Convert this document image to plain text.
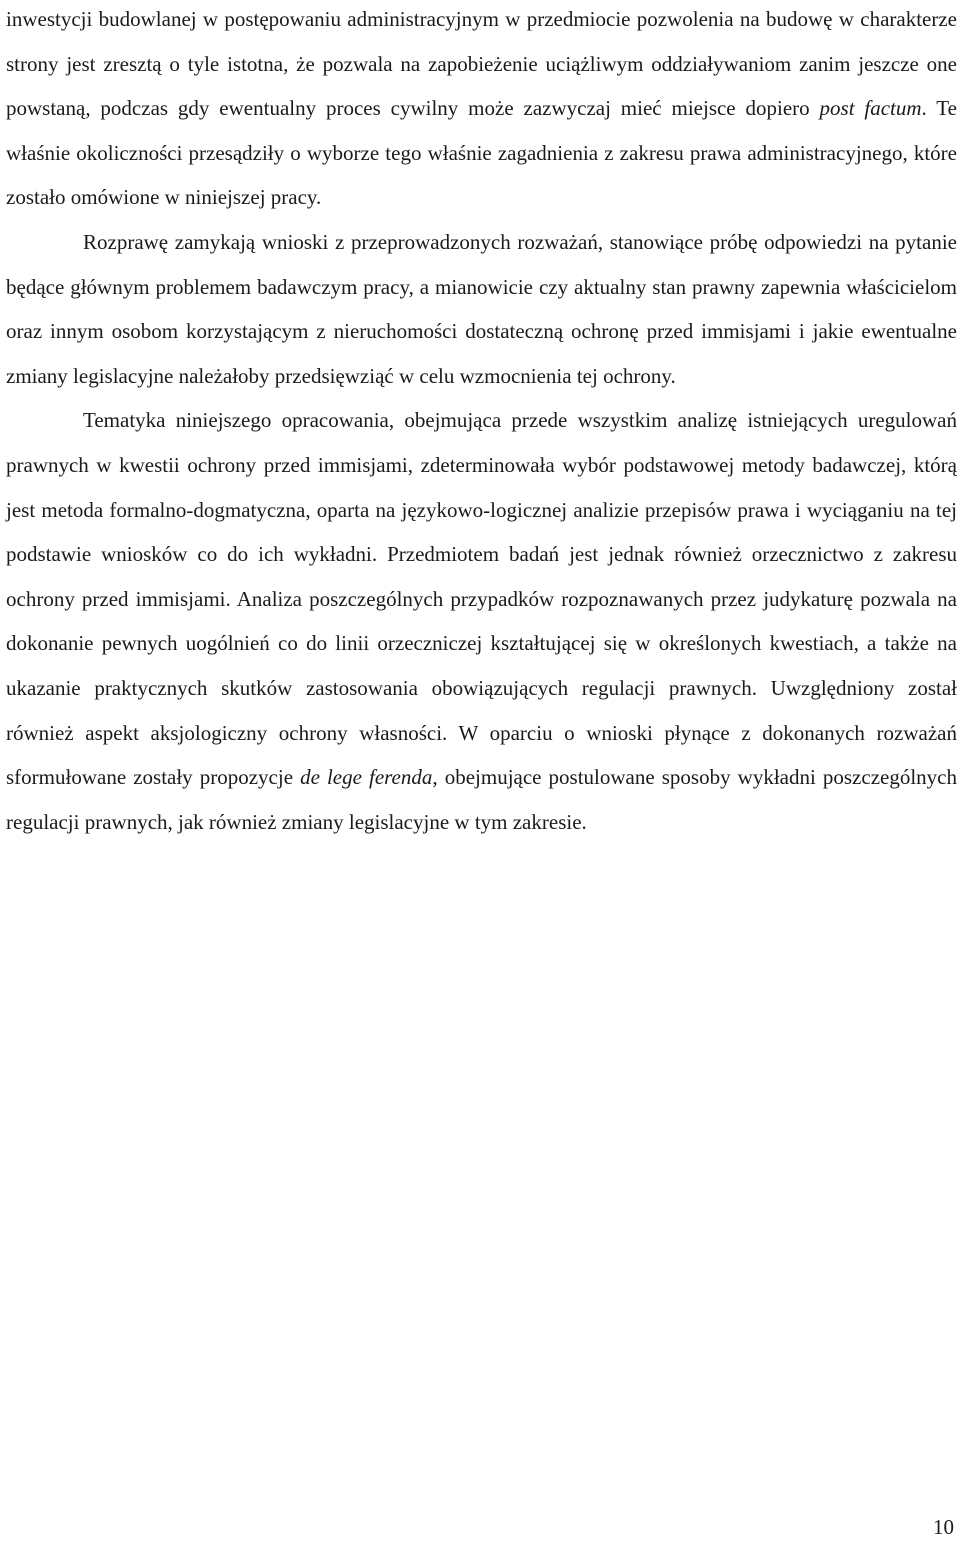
inwestycji budowlanej w postępowaniu administracyjnym w przedmiocie pozwolenia na budowę w charakterze strony jest zresztą o tyle istotna, że pozwala na zapobieżenie uciążliwym oddziaływaniom zanim jeszcze one powstaną, podczas gdy ewentualny proces cywilny może zazwyczaj mieć miejsce dopiero post factum. Te właśnie okoliczności przesądziły o wyborze tego właśnie zagadnienia z zakresu prawa administracyjnego, które zostało omówione w niniejszej pracy.

Rozprawę zamykają wnioski z przeprowadzonych rozważań, stanowiące próbę odpowiedzi na pytanie będące głównym problemem badawczym pracy, a mianowicie czy aktualny stan prawny zapewnia właścicielom oraz innym osobom korzystającym z nieruchomości dostateczną ochronę przed immisjami i jakie ewentualne zmiany legislacyjne należałoby przedsięwziąć w celu wzmocnienia tej ochrony.

Tematyka niniejszego opracowania, obejmująca przede wszystkim analizę istniejących uregulowań prawnych w kwestii ochrony przed immisjami, zdeterminowała wybór podstawowej metody badawczej, którą jest metoda formalno-dogmatyczna, oparta na językowo-logicznej analizie przepisów prawa i wyciąganiu na tej podstawie wniosków co do ich wykładni. Przedmiotem badań jest jednak również orzecznictwo z zakresu ochrony przed immisjami. Analiza poszczególnych przypadków rozpoznawanych przez judykaturę pozwala na dokonanie pewnych uogólnień co do linii orzeczniczej kształtującej się w określonych kwestiach, a także na ukazanie praktycznych skutków zastosowania obowiązujących regulacji prawnych. Uwzględniony został również aspekt aksjologiczny ochrony własności. W oparciu o wnioski płynące z dokonanych rozważań sformułowane zostały propozycje de lege ferenda, obejmujące postulowane sposoby wykładni poszczególnych regulacji prawnych, jak również zmiany legislacyjne w tym zakresie.

10
